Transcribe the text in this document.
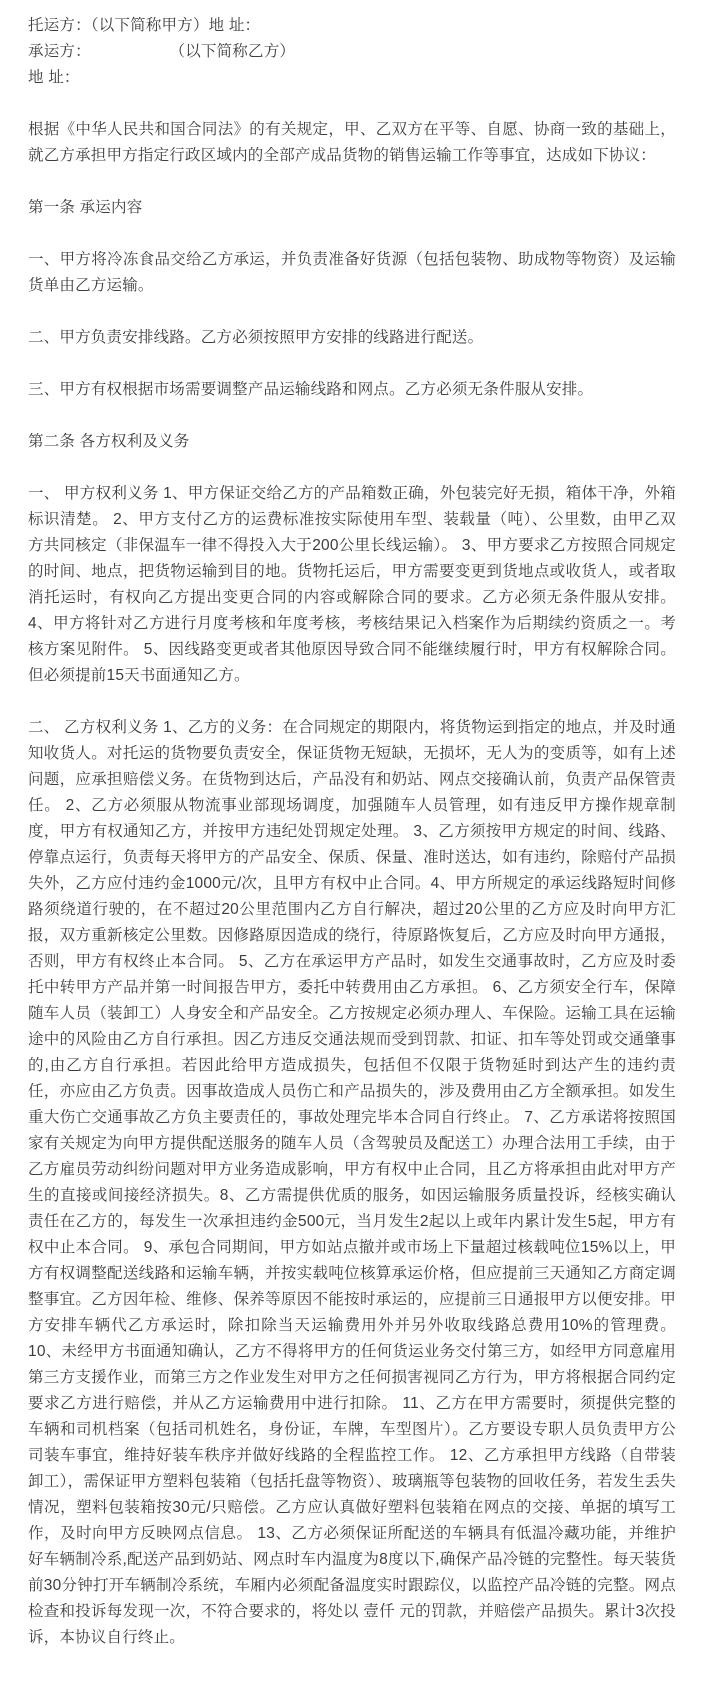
托运方：（以下简称甲方）地 址：

承运方：　　　　　　（以下简称乙方）

地 址：

根据《中华人民共和国合同法》的有关规定，甲、乙双方在平等、自愿、协商一致的基础上，就乙方承担甲方指定行政区域内的全部产成品货物的销售运输工作等事宜，达成如下协议：

第一条 承运内容

一、甲方将冷冻食品交给乙方承运，并负责准备好货源（包括包装物、助成物等物资）及运输货单由乙方运输。

二、甲方负责安排线路。乙方必须按照甲方安排的线路进行配送。

三、甲方有权根据市场需要调整产品运输线路和网点。乙方必须无条件服从安排。

第二条 各方权利及义务

一、 甲方权利义务 1、甲方保证交给乙方的产品箱数正确，外包装完好无损，箱体干净，外箱标识清楚。 2、甲方支付乙方的运费标准按实际使用车型、装载量（吨）、公里数，由甲乙双方共同核定（非保温车一律不得投入大于200公里长线运输）。 3、甲方要求乙方按照合同规定的时间、地点，把货物运输到目的地。货物托运后，甲方需要变更到货地点或收货人，或者取消托运时，有权向乙方提出变更合同的内容或解除合同的要求。乙方必须无条件服从安排。4、甲方将针对乙方进行月度考核和年度考核，考核结果记入档案作为后期续约资质之一。考核方案见附件。 5、因线路变更或者其他原因导致合同不能继续履行时，甲方有权解除合同。但必须提前15天书面通知乙方。

二、 乙方权利义务 1、乙方的义务：在合同规定的期限内，将货物运到指定的地点，并及时通知收货人。对托运的货物要负责安全，保证货物无短缺，无损坏，无人为的变质等，如有上述问题，应承担赔偿义务。在货物到达后，产品没有和奶站、网点交接确认前，负责产品保管责任。 2、乙方必须服从物流事业部现场调度，加强随车人员管理，如有违反甲方操作规章制度，甲方有权通知乙方，并按甲方违纪处罚规定处理。 3、乙方须按甲方规定的时间、线路、停靠点运行，负责每天将甲方的产品安全、保质、保量、准时送达，如有违约，除赔付产品损失外，乙方应付违约金1000元/次，且甲方有权中止合同。4、甲方所规定的承运线路短时间修路须绕道行驶的，在不超过20公里范围内乙方自行解决，超过20公里的乙方应及时向甲方汇报，双方重新核定公里数。因修路原因造成的绕行，待原路恢复后，乙方应及时向甲方通报，否则，甲方有权终止本合同。 5、乙方在承运甲方产品时，如发生交通事故时，乙方应及时委托中转甲方产品并第一时间报告甲方，委托中转费用由乙方承担。 6、乙方须安全行车，保障随车人员（装卸工）人身安全和产品安全。乙方按规定必须办理人、车保险。运输工具在运输途中的风险由乙方自行承担。因乙方违反交通法规而受到罚款、扣证、扣车等处罚或交通肇事的,由乙方自行承担。若因此给甲方造成损失，包括但不仅限于货物延时到达产生的违约责任，亦应由乙方负责。因事故造成人员伤亡和产品损失的，涉及费用由乙方全额承担。如发生重大伤亡交通事故乙方负主要责任的，事故处理完毕本合同自行终止。 7、乙方承诺将按照国家有关规定为向甲方提供配送服务的随车人员（含驾驶员及配送工）办理合法用工手续，由于乙方雇员劳动纠纷问题对甲方业务造成影响，甲方有权中止合同，且乙方将承担由此对甲方产生的直接或间接经济损失。8、乙方需提供优质的服务，如因运输服务质量投诉，经核实确认责任在乙方的，每发生一次承担违约金500元，当月发生2起以上或年内累计发生5起，甲方有权中止本合同。 9、承包合同期间，甲方如站点撤并或市场上下量超过核载吨位15%以上，甲方有权调整配送线路和运输车辆，并按实载吨位核算承运价格，但应提前三天通知乙方商定调整事宜。乙方因年检、维修、保养等原因不能按时承运的，应提前三日通报甲方以便安排。甲方安排车辆代乙方承运时，除扣除当天运输费用外并另外收取线路总费用10%的管理费。 10、未经甲方书面通知确认，乙方不得将甲方的任何货运业务交付第三方，如经甲方同意雇用第三方支援作业，而第三方之作业发生对甲方之任何损害视同乙方行为，甲方将根据合同约定要求乙方进行赔偿，并从乙方运输费用中进行扣除。 11、乙方在甲方需要时，须提供完整的车辆和司机档案（包括司机姓名，身份证，车牌，车型图片）。乙方要设专职人员负责甲方公司装车事宜，维持好装车秩序并做好线路的全程监控工作。 12、乙方承担甲方线路（自带装卸工），需保证甲方塑料包装箱（包括托盘等物资）、玻璃瓶等包装物的回收任务，若发生丢失情况，塑料包装箱按30元/只赔偿。乙方应认真做好塑料包装箱在网点的交接、单据的填写工作，及时向甲方反映网点信息。 13、乙方必须保证所配送的车辆具有低温冷藏功能，并维护好车辆制冷系,配送产品到奶站、网点时车内温度为8度以下,确保产品冷链的完整性。每天装货前30分钟打开车辆制冷系统，车厢内必须配备温度实时跟踪仪，以监控产品冷链的完整。网点检查和投诉每发现一次，不符合要求的，将处以 壹仟 元的罚款，并赔偿产品损失。累计3次投诉，本协议自行终止。
